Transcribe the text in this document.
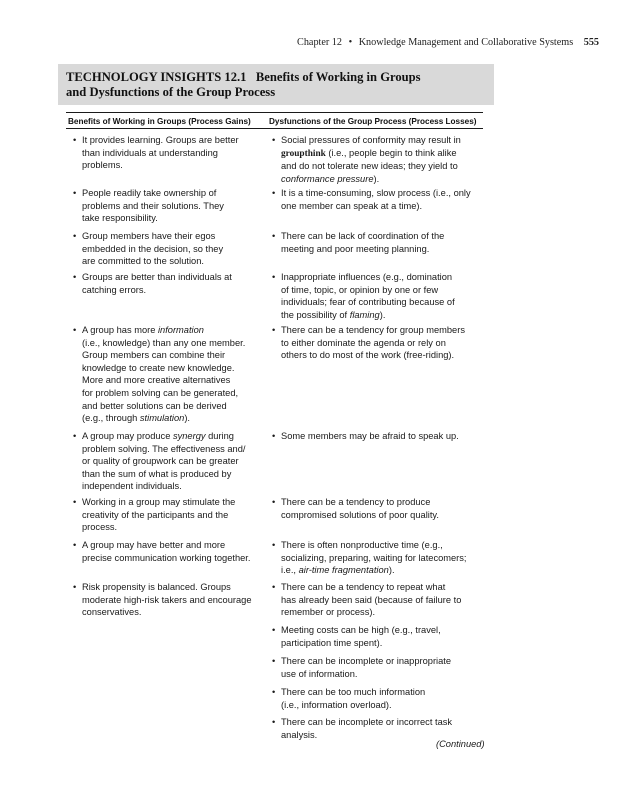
Chapter 12 • Knowledge Management and Collaborative Systems 555
TECHNOLOGY INSIGHTS 12.1   Benefits of Working in Groups
and Dysfunctions of the Group Process
Benefits of Working in Groups (Process Gains) Dysfunctions of the Group Process (Process Losses)
• It provides learning. Groups are better
than individuals at understanding
problems.

• People readily take ownership of
problems and their solutions. They
take responsibility.

• Group members have their egos
embedded in the decision, so they
are committed to the solution.

• Groups are better than individuals at
catching errors.

• A group has more information
(i.e., knowledge) than any one member.
Group members can combine their
knowledge to create new knowledge.
More and more creative alternatives
for problem solving can be generated,
and better solutions can be derived
(e.g., through stimulation).

• A group may produce synergy during
problem solving. The effectiveness and/
or quality of groupwork can be greater
than the sum of what is produced by
independent individuals.

• Working in a group may stimulate the
creativity of the participants and the
process.

• A group may have better and more
precise communication working together.

• Risk propensity is balanced. Groups
moderate high-risk takers and encourage
conservatives.

• Social pressures of conformity may result in
groupthink (i.e., people begin to think alike
and do not tolerate new ideas; they yield to
conformance pressure).

• It is a time-consuming, slow process (i.e., only
one member can speak at a time).

• There can be lack of coordination of the
meeting and poor meeting planning.

• Inappropriate influences (e.g., domination
of time, topic, or opinion by one or few
individuals; fear of contributing because of
the possibility of flaming).

• There can be a tendency for group members
to either dominate the agenda or rely on
others to do most of the work (free-riding).

• Some members may be afraid to speak up.

• There can be a tendency to produce
compromised solutions of poor quality.

• There is often nonproductive time (e.g.,
socializing, preparing, waiting for latecomers;
i.e., air-time fragmentation).

• There can be a tendency to repeat what
has already been said (because of failure to
remember or process).

• Meeting costs can be high (e.g., travel,
participation time spent).

• There can be incomplete or inappropriate
use of information.

• There can be too much information
(i.e., information overload).

• There can be incomplete or incorrect task
analysis.

(Continued)
